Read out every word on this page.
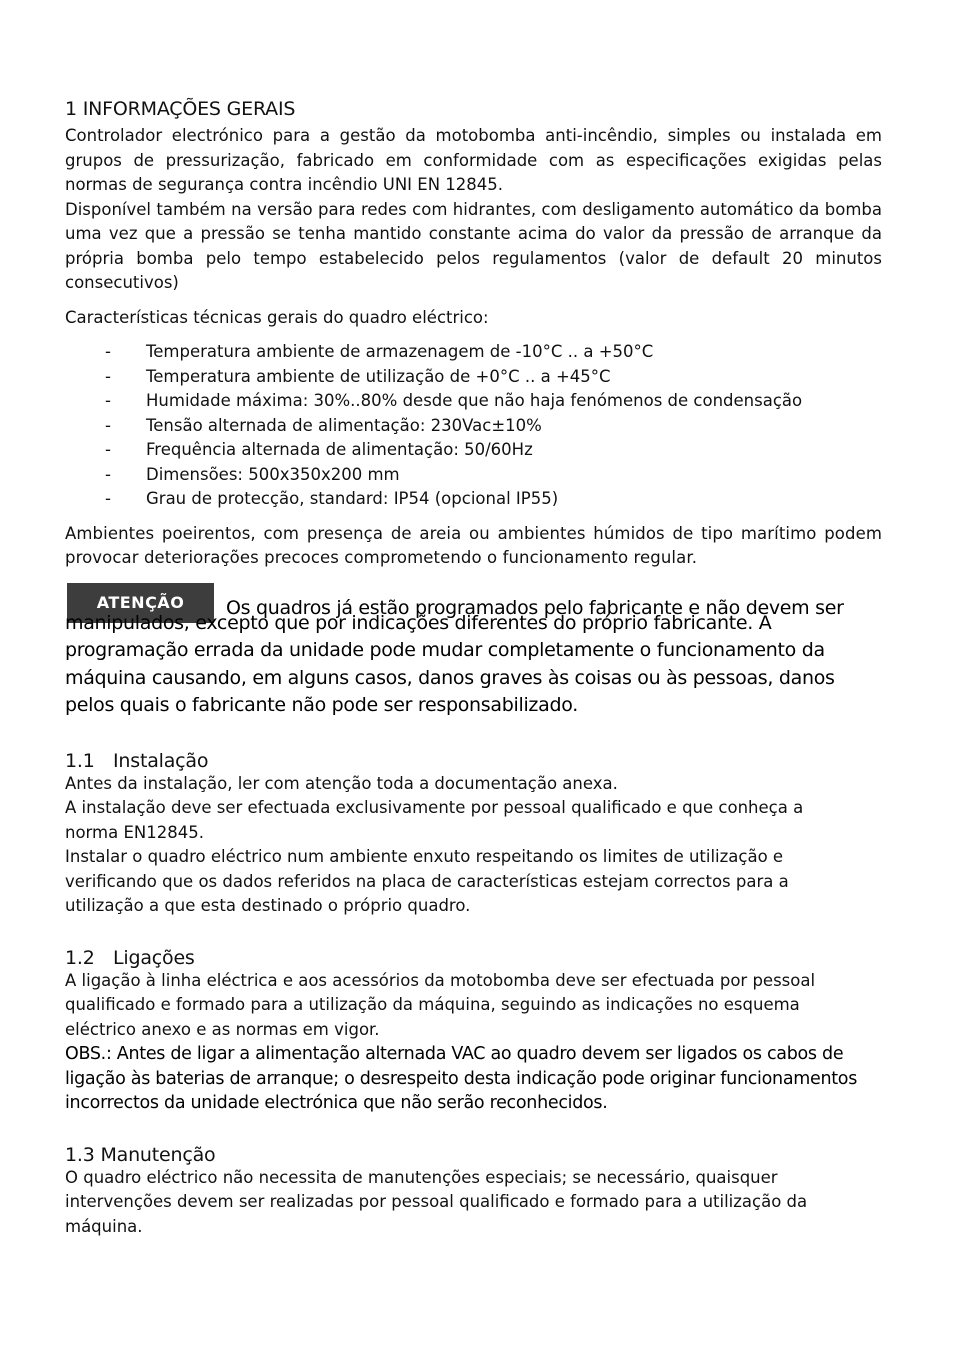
1 INFORMAÇÕES GERAIS

Controlador electrónico para a gestão da motobomba anti-incêndio, simples ou instalada em grupos de pressurização, fabricado em conformidade com as especificações exigidas pelas normas de segurança contra incêndio UNI EN 12845.

Disponível também na versão para redes com hidrantes, com desligamento automático da bomba uma vez que a pressão se tenha mantido constante acima do valor da pressão de arranque da própria bomba pelo tempo estabelecido pelos regulamentos (valor de default 20 minutos consecutivos)

Características técnicas gerais do quadro eléctrico:

- Temperatura ambiente de armazenagem de -10°C .. a +50°C
- Temperatura ambiente de utilização de +0°C .. a +45°C
- Humidade máxima: 30%..80% desde que não haja fenómenos de condensação
- Tensão alternada de alimentação: 230Vac±10%
- Frequência alternada de alimentação: 50/60Hz
- Dimensões: 500x350x200 mm
- Grau de protecção, standard: IP54 (opcional IP55)

Ambientes poeirentos, com presença de areia ou ambientes húmidos de tipo marítimo podem provocar deteriorações precoces comprometendo o funcionamento regular.

ATENÇÃO Os quadros já estão programados pelo fabricante e não devem ser
manipulados, excepto que por indicações diferentes do próprio fabricante. A programação errada da unidade pode mudar completamente o funcionamento da máquina causando, em alguns casos, danos graves às coisas ou às pessoas, danos pelos quais o fabricante não pode ser responsabilizado.
1.1 Instalação

Antes da instalação, ler com atenção toda a documentação anexa.

A instalação deve ser efectuada exclusivamente por pessoal qualificado e que conheça a norma EN12845.

Instalar o quadro eléctrico num ambiente enxuto respeitando os limites de utilização e verificando que os dados referidos na placa de características estejam correctos para a utilização a que esta destinado o próprio quadro.

1.2 Ligações

A ligação à linha eléctrica e aos acessórios da motobomba deve ser efectuada por pessoal qualificado e formado para a utilização da máquina, seguindo as indicações no esquema eléctrico anexo e as normas em vigor.

OBS.: Antes de ligar a alimentação alternada VAC ao quadro devem ser ligados os cabos de ligação às baterias de arranque; o desrespeito desta indicação pode originar funcionamentos incorrectos da unidade electrónica que não serão reconhecidos.

1.3 Manutenção

O quadro eléctrico não necessita de manutenções especiais; se necessário, quaisquer intervenções devem ser realizadas por pessoal qualificado e formado para a utilização da máquina.
